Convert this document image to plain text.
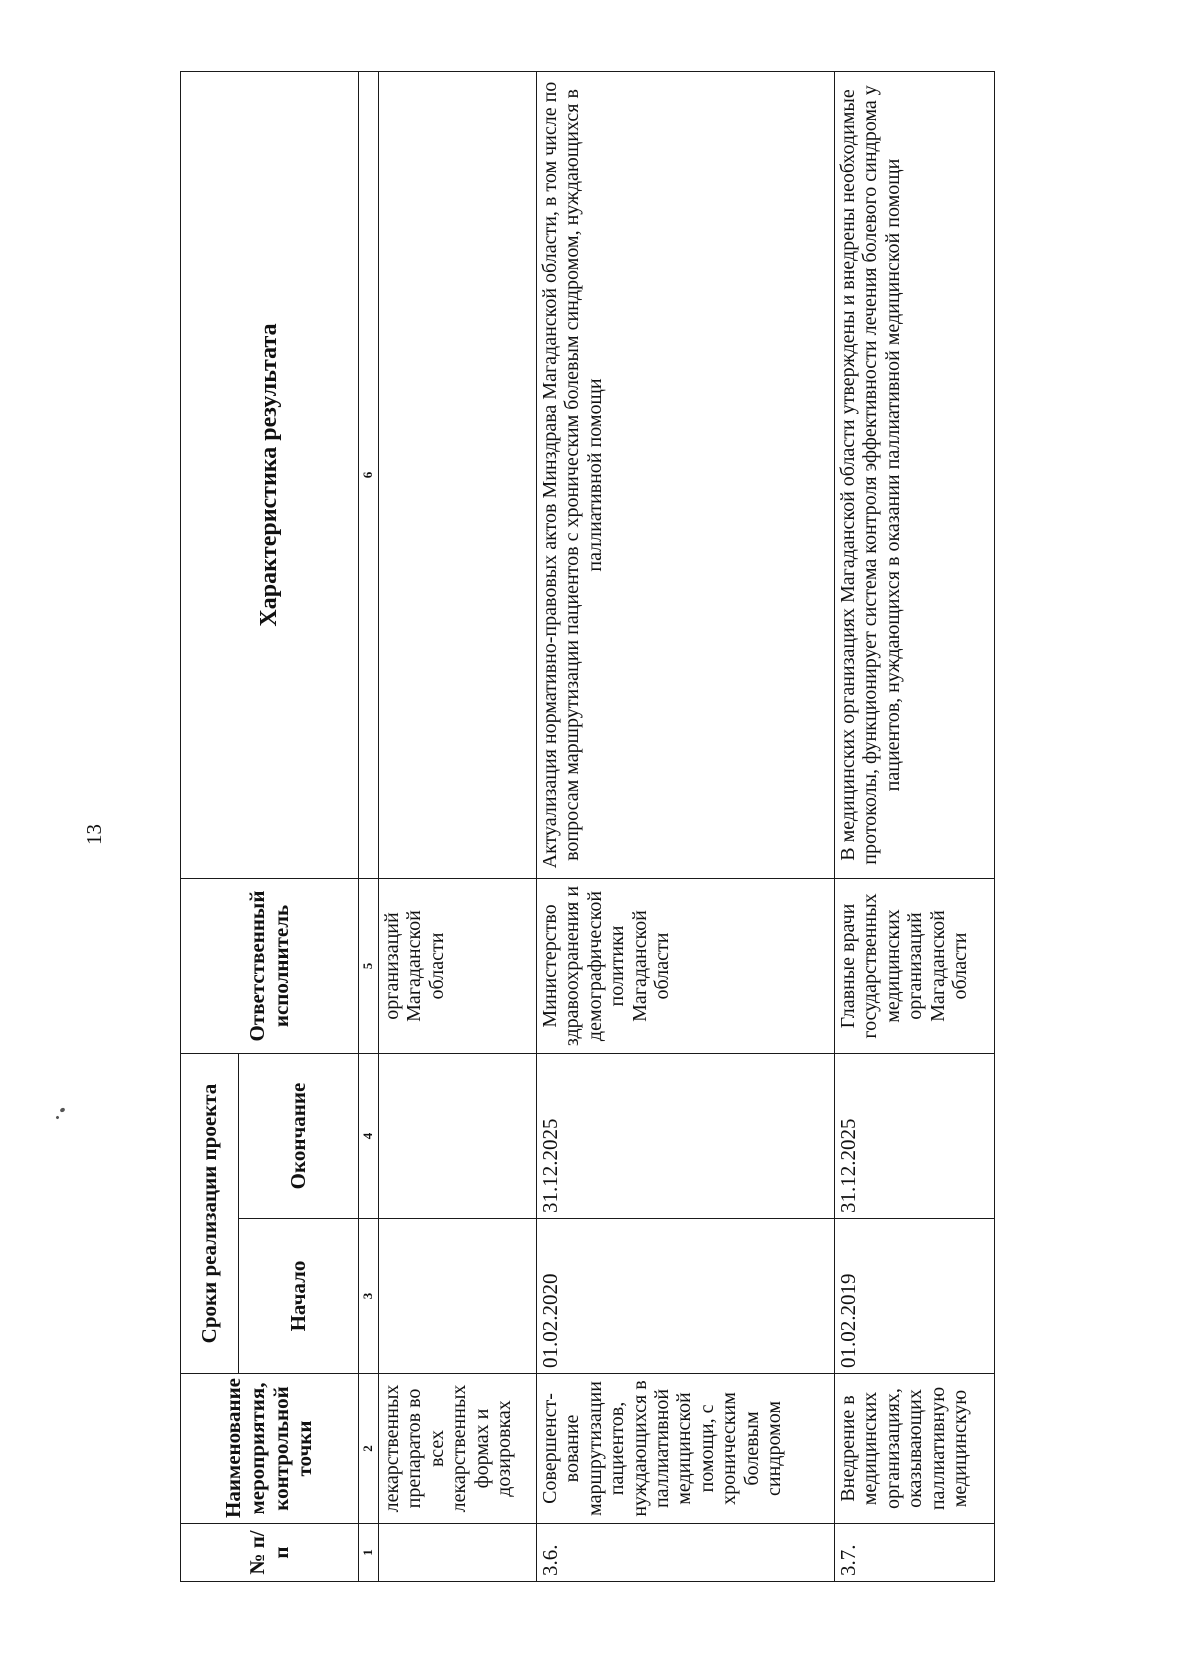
13
№ п/п	Наименование мероприятия, контрольной точки	Сроки реализации проекта		Ответственный исполнитель	Характеристика результата
		Начало	Окончание		
1	2	3	4	5	6
	лекарственных препаратов во всех лекарственных формах и дозировках			организаций Магаданской области	
3.6.	Совершенст-вование маршрутизации пациентов, нуждающихся в паллиативной медицинской помощи, с хроническим болевым синдромом	01.02.2020	31.12.2025	Министерство здравоохранения и демографической политики Магаданской области	Актуализация нормативно-правовых актов Минздрава Магаданской области, в том числе по вопросам маршрутизации пациентов с хроническим болевым синдромом, нуждающихся в паллиативной помощи
3.7.	Внедрение в медицинских организациях, оказывающих паллиативную медицинскую	01.02.2019	31.12.2025	Главные врачи государственных медицинских организаций Магаданской области	В медицинских организациях Магаданской области утверждены и внедрены необходимые протоколы, функционирует система контроля эффективности лечения болевого синдрома у пациентов, нуждающихся в оказании паллиативной медицинской помощи
